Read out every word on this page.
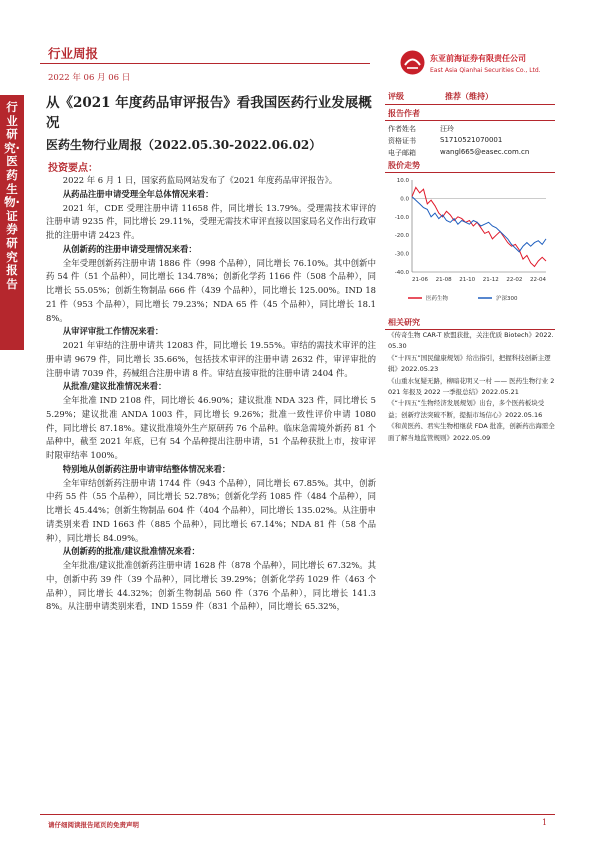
行业研究·医药生物·证券研究报告
行业周报
2022 年 06 月 06 日
东亚前海证券有限责任公司
East Asia Qianhai Securities Co., Ltd.
从《2021 年度药品审评报告》看我国医药行业发展概况
医药生物行业周报（2022.05.30-2022.06.02）
投资要点：

2022 年 6 月 1 日，国家药监局网站发布了《2021 年度药品审评报告》。

从药品注册申请受理全年总体情况来看：

2021 年，CDE 受理注册申请 11658 件，同比增长 13.79%。受理需技术审评的注册申请 9235 件，同比增长 29.11%，受理无需技术审评直接以国家局名义作出行政审批的注册申请 2423 件。

从创新药的注册申请受理情况来看：

全年受理创新药注册申请 1886 件（998 个品种），同比增长 76.10%。其中创新中药 54 件（51 个品种），同比增长 134.78%；创新化学药 1166 件（508 个品种），同比增长 55.05%；创新生物制品 666 件（439 个品种），同比增长 125.00%。IND 1821 件（953 个品种），同比增长 79.23%；NDA 65 件（45 个品种），同比增长 18.18%。

从审评审批工作情况来看：

2021 年审结的注册申请共 12083 件，同比增长 19.55%。审结的需技术审评的注册申请 9679 件，同比增长 35.66%，包括技术审评的注册申请 2632 件，审评审批的注册申请 7039 件，药械组合注册申请 8 件。审结直接审批的注册申请 2404 件。

从批准/建议批准情况来看：

全年批准 IND 2108 件，同比增长 46.90%；建议批准 NDA 323 件，同比增长 55.29%；建议批准 ANDA 1003 件，同比增长 9.26%；批准一致性评价申请 1080 件，同比增长 87.18%。建议批准境外生产原研药 76 个品种。临床急需境外新药 81 个品种中，截至 2021 年底，已有 54 个品种提出注册申请，51 个品种获批上市，按审评时限审结率 100%。

特别地从创新药注册申请审结整体情况来看：

全年审结创新药注册申请 1744 件（943 个品种），同比增长 67.85%。其中，创新中药 55 件（55 个品种），同比增长 52.78%；创新化学药 1085 件（484 个品种），同比增长 45.44%；创新生物制品 604 件（404 个品种），同比增长 135.02%。从注册申请类别来看 IND 1663 件（885 个品种），同比增长 67.14%；NDA 81 件（58 个品种），同比增长 84.09%。

从创新药的批准/建议批准情况来看：

全年批准/建议批准创新药注册申请 1628 件（878 个品种），同比增长 67.32%。其中，创新中药 39 件（39 个品种），同比增长 39.29%；创新化学药 1029 件（463 个品种），同比增长 44.32%；创新生物制品 560 件（376 个品种），同比增长 141.38%。从注册申请类别来看，IND 1559 件（831 个品种），同比增长 65.32%，

评级	推荐（维持）
报告作者
作者姓名	汪玲
资格证书	S1710521070001
电子邮箱	wangl665@easec.com.cn
股价走势
10.0
0.0
-10.0
-20.0
-30.0
-40.0
21-06 21-08 21-10 21-12 22-02 22-04
医药生物	沪深300
相关研究
《传奇生物 CAR-T 欧盟获批，关注优质 Biotech》2022.05.30
《“十四五”国民健康规划》给出指引，把握科技创新主逻辑》2022.05.23
《山重水复疑无路，柳暗花明又一村 —— 医药生物行业 2021 年报及 2022 一季报总结》2022.05.21
《“十四五”生物经济发展规划》出台，多个医药板块受益；创新疗法突破不断，提振市场信心》2022.05.16
《和黄医药、君实生物相继获 FDA 批准，创新药出海需全面了解当地监管规则》2022.05.09
请仔细阅读报告尾页的免责声明	1
